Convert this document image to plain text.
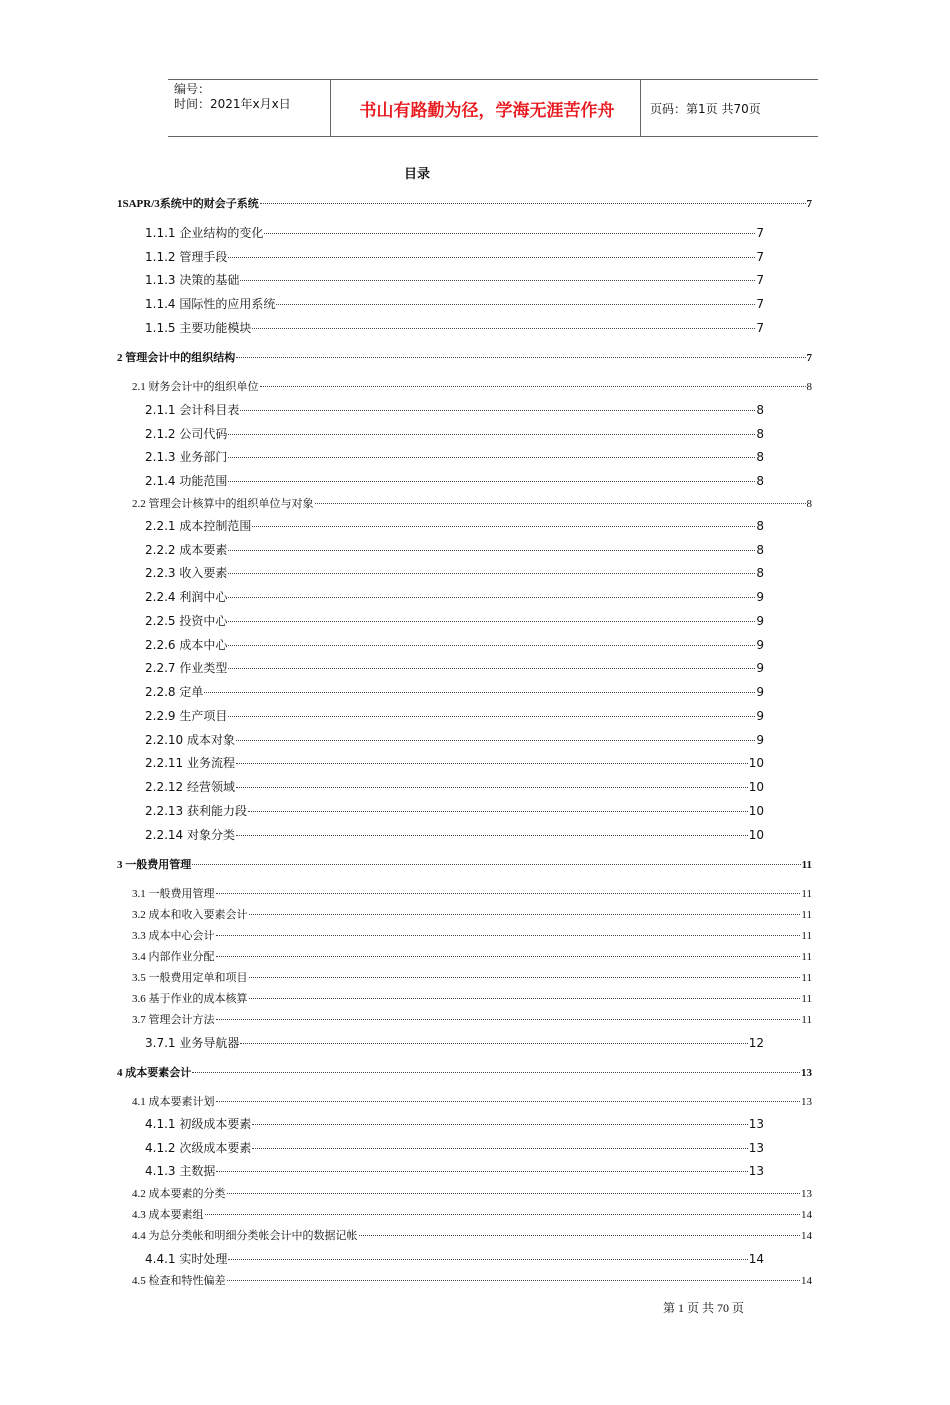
编号：
时间：2021年x月x日	书山有路勤为径，学海无涯苦作舟	页码：第1页 共70页
目录
1SAPR/3系统中的财会子系统	7
1.1.1 企业结构的变化	7
1.1.2 管理手段	7
1.1.3 决策的基础	7
1.1.4 国际性的应用系统	7
1.1.5 主要功能模块	7
2 管理会计中的组织结构	7
2.1 财务会计中的组织单位	8
2.1.1 会计科目表	8
2.1.2 公司代码	8
2.1.3 业务部门	8
2.1.4 功能范围	8
2.2 管理会计核算中的组织单位与对象	8
2.2.1 成本控制范围	8
2.2.2 成本要素	8
2.2.3 收入要素	8
2.2.4 利润中心	9
2.2.5 投资中心	9
2.2.6 成本中心	9
2.2.7 作业类型	9
2.2.8 定单	9
2.2.9 生产项目	9
2.2.10 成本对象	9
2.2.11 业务流程	10
2.2.12 经营领域	10
2.2.13 获利能力段	10
2.2.14 对象分类	10
3 一般费用管理	11
3.1 一般费用管理	11
3.2 成本和收入要素会计	11
3.3 成本中心会计	11
3.4 内部作业分配	11
3.5 一般费用定单和项目	11
3.6 基于作业的成本核算	11
3.7 管理会计方法	11
3.7.1 业务导航器	12
4 成本要素会计	13
4.1 成本要素计划	13
4.1.1 初级成本要素	13
4.1.2 次级成本要素	13
4.1.3 主数据	13
4.2 成本要素的分类	13
4.3 成本要素组	14
4.4 为总分类帐和明细分类帐会计中的数据记帐	14
4.4.1 实时处理	14
4.5 检查和特性偏差	14
第 1 页 共 70 页
